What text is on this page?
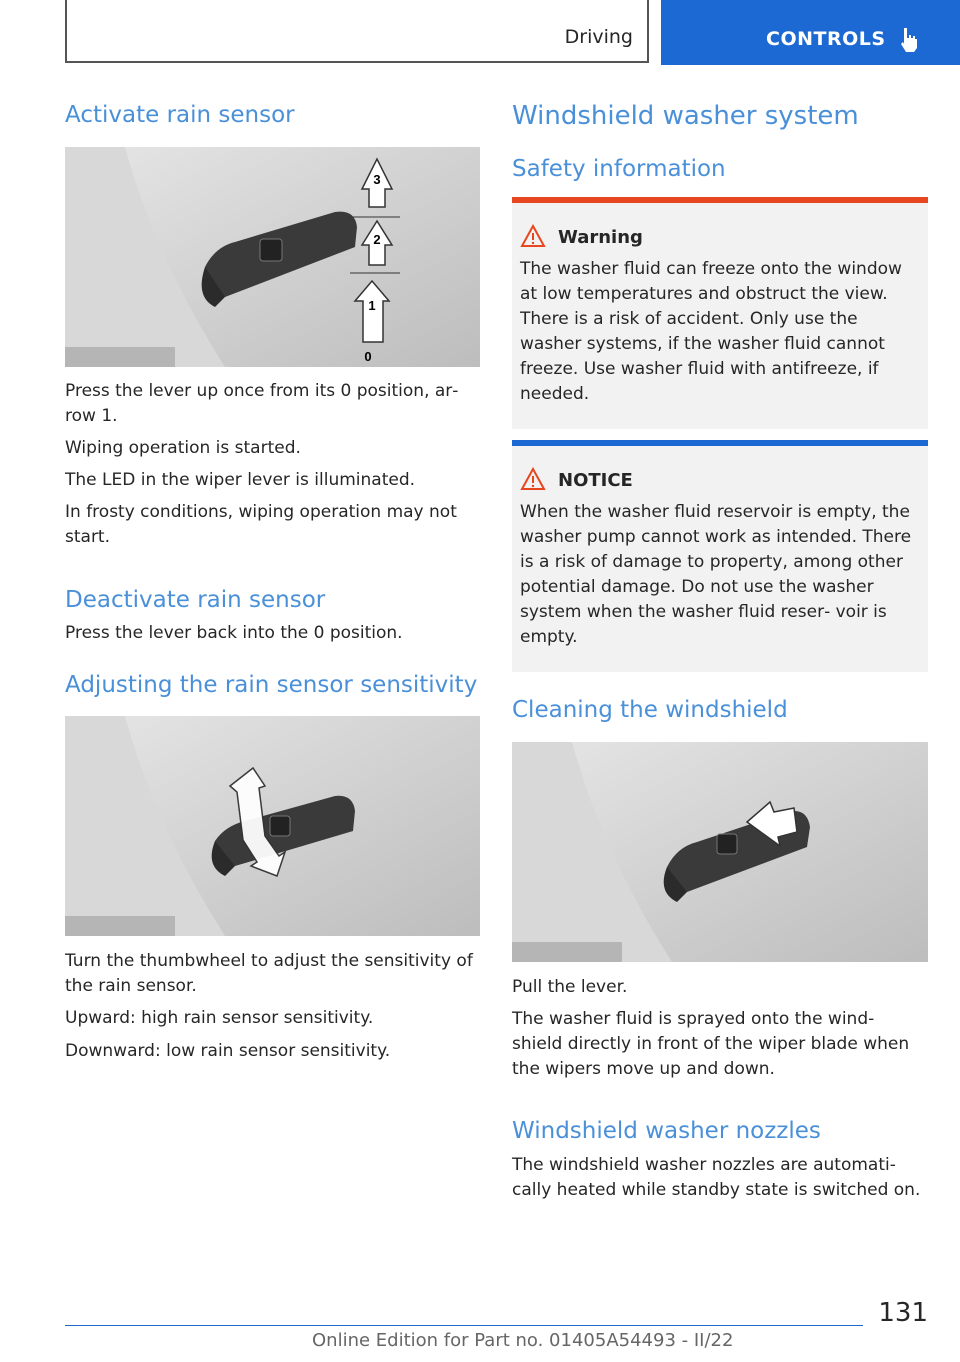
Driving	CONTROLS
Activate rain sensor
3
2
1
0
Press the lever up once from its 0 position, ar‐ row 1.
Wiping operation is started.
The LED in the wiper lever is illuminated.
In frosty conditions, wiping operation may not start.
Deactivate rain sensor
Press the lever back into the 0 position.
Adjusting the rain sensor sensitivity
Turn the thumbwheel to adjust the sensitivity of the rain sensor.
Upward: high rain sensor sensitivity.
Downward: low rain sensor sensitivity.
Windshield washer system
Safety information
Warning
The washer fluid can freeze onto the window at low temperatures and obstruct the view. There is a risk of accident. Only use the washer systems, if the washer fluid cannot freeze. Use washer fluid with antifreeze, if needed.
NOTICE
When the washer fluid reservoir is empty, the washer pump cannot work as intended. There is a risk of damage to property, among other potential damage. Do not use the washer system when the washer fluid reser‐ voir is empty.
Cleaning the windshield
Pull the lever.
The washer fluid is sprayed onto the wind‐ shield directly in front of the wiper blade when the wipers move up and down.
Windshield washer nozzles
The windshield washer nozzles are automati‐ cally heated while standby state is switched on.
131
Online Edition for Part no. 01405A54493 - II/22
